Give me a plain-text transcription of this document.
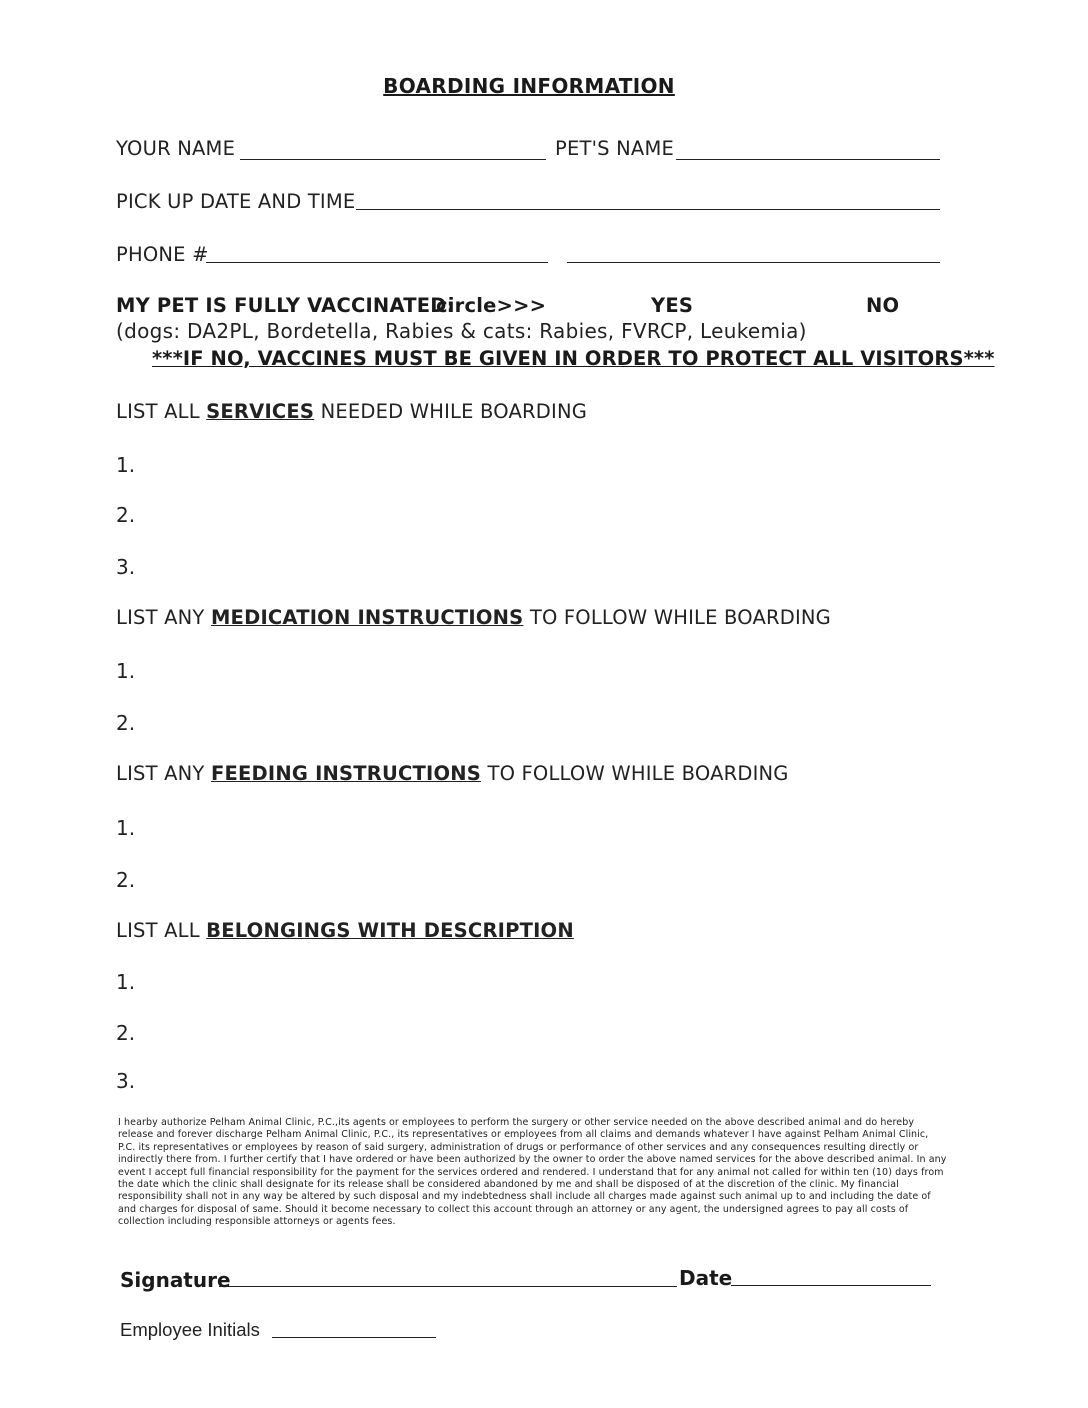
BOARDING INFORMATION
YOUR NAME	PET'S NAME
PICK UP DATE AND TIME
PHONE #
MY PET IS FULLY VACCINATED:
circle>>>	YES	NO
(dogs: DA2PL, Bordetella, Rabies & cats: Rabies, FVRCP, Leukemia)
***IF NO, VACCINES MUST BE GIVEN IN ORDER TO PROTECT ALL VISITORS***
LIST ALL SERVICES NEEDED WHILE BOARDING
1.
2.
3.
LIST ANY MEDICATION INSTRUCTIONS TO FOLLOW WHILE BOARDING
1.
2.
LIST ANY FEEDING INSTRUCTIONS TO FOLLOW WHILE BOARDING
1.
2.
LIST ALL BELONGINGS WITH DESCRIPTION
1.
2.
3.
I hearby authorize Pelham Animal Clinic, P.C.,its agents or employees to perform the surgery or other service needed on the above described animal and do hereby release and forever discharge Pelham Animal Clinic, P.C., its representatives or employees from all claims and demands whatever I have against Pelham Animal Clinic, P.C. its representatives or employees by reason of said surgery, administration of drugs or performance of other services and any consequences resulting directly or indirectly there from. I further certify that I have ordered or have been authorized by the owner to order the above named services for the above described animal. In any event I accept full financial responsibility for the payment for the services ordered and rendered. I understand that for any animal not called for within ten (10) days from the date which the clinic shall designate for its release shall be considered abandoned by me and shall be disposed of at the discretion of the clinic. My financial responsibility shall not in any way be altered by such disposal and my indebtedness shall include all charges made against such animal up to and including the date of and charges for disposal of same. Should it become necessary to collect this account through an attorney or any agent, the undersigned agrees to pay all costs of collection including responsible attorneys or agents fees.
Signature	Date
Employee Initials
